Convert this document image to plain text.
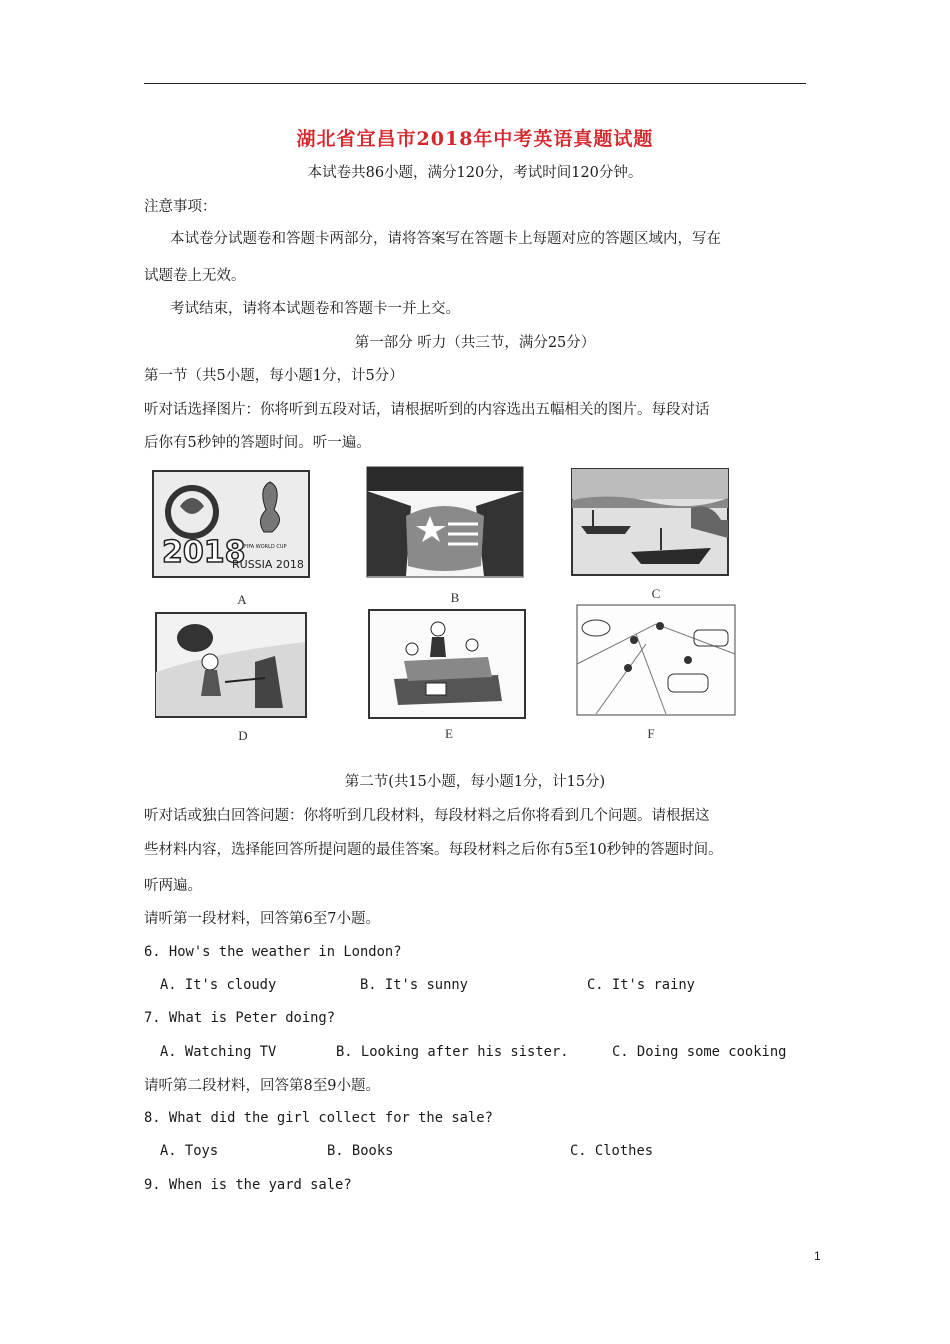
湖北省宜昌市2018年中考英语真题试题
本试卷共86小题，满分120分，考试时间120分钟。
注意事项：
本试卷分试题卷和答题卡两部分，请将答案写在答题卡上每题对应的答题区域内，写在
试题卷上无效。
考试结束，请将本试题卷和答题卡一并上交。
第一部分 听力（共三节，满分25分）
第一节（共5小题，每小题1分，计5分）
听对话选择图片：你将听到五段对话，请根据听到的内容选出五幅相关的图片。每段对话
后你有5秒钟的答题时间。听一遍。
2018
FIFA WORLD CUP
RUSSIA 2018
A	B	C
D	E	F
第二节(共15小题，每小题1分，计15分)
听对话或独白回答问题：你将听到几段材料，每段材料之后你将看到几个问题。请根据这
些材料内容，选择能回答所提问题的最佳答案。每段材料之后你有5至10秒钟的答题时间。
听两遍。
请听第一段材料，回答第6至7小题。
6. How's the weather in London?
A. It's cloudy	B. It's sunny	C. It's rainy
7. What is Peter doing?
A. Watching TV	B. Looking after his sister.	C. Doing some cooking
请听第二段材料，回答第8至9小题。
8. What did the girl collect for the sale?
A. Toys	B. Books	C. Clothes
9. When is the yard sale?
1
